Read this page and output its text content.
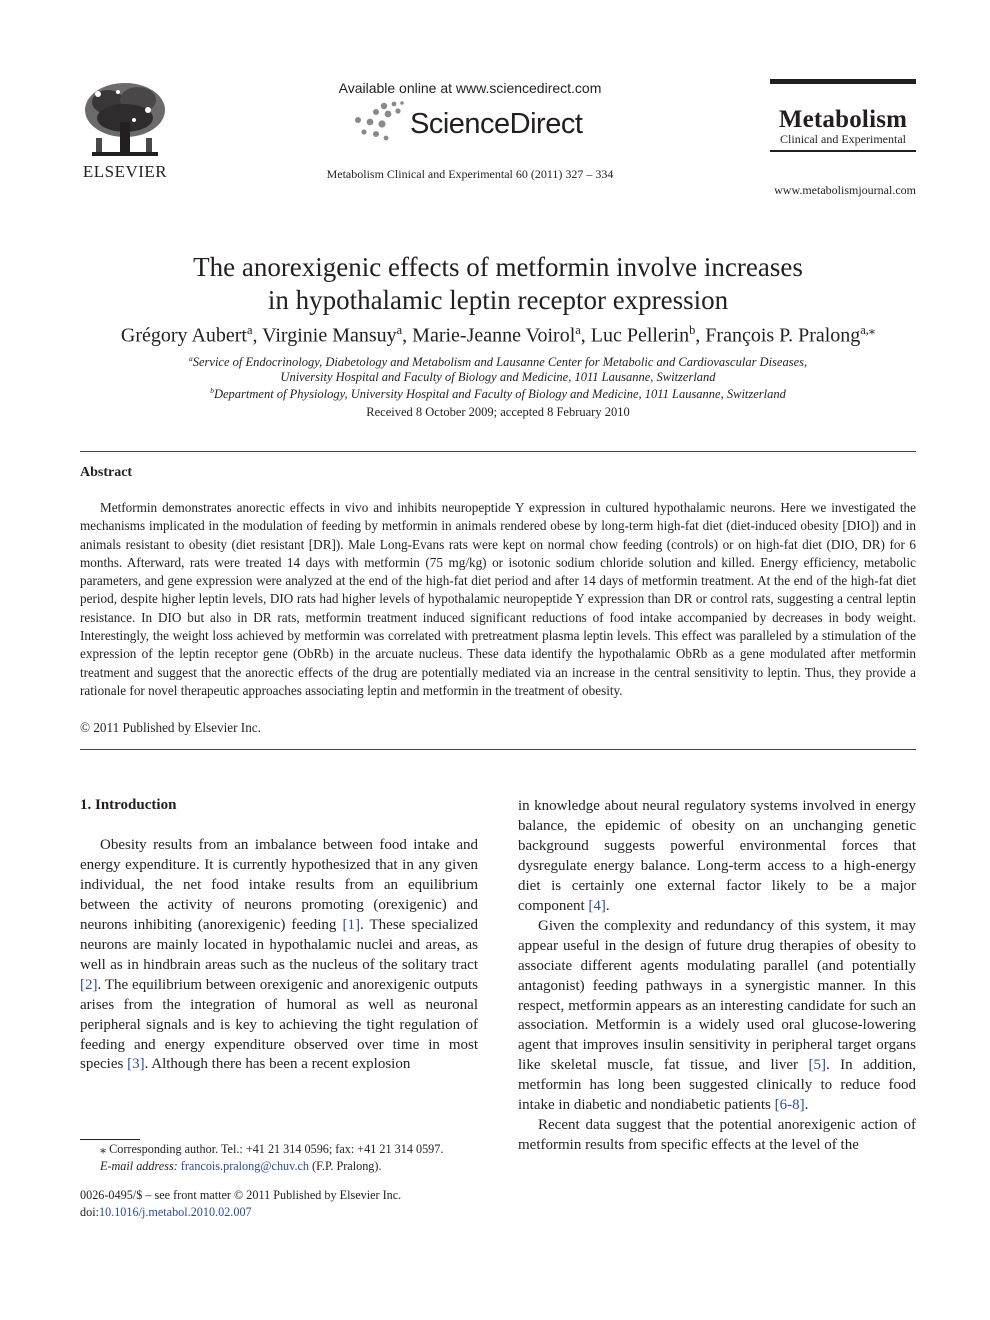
ELSEVIER
Available online at www.sciencedirect.com
ScienceDirect
Metabolism Clinical and Experimental 60 (2011) 327 – 334
Metabolism
Clinical and Experimental
www.metabolismjournal.com
The anorexigenic effects of metformin involve increases
in hypothalamic leptin receptor expression
Grégory Aubert$^a$, Virginie Mansuy$^a$, Marie-Jeanne Voirol$^a$, Luc Pellerin$^b$, François P. Pralong$^{a,⁎}$
$^a$Service of Endocrinology, Diabetology and Metabolism and Lausanne Center for Metabolic and Cardiovascular Diseases,
University Hospital and Faculty of Biology and Medicine, 1011 Lausanne, Switzerland
$^b$Department of Physiology, University Hospital and Faculty of Biology and Medicine, 1011 Lausanne, Switzerland
Received 8 October 2009; accepted 8 February 2010
Abstract
Metformin demonstrates anorectic effects in vivo and inhibits neuropeptide Y expression in cultured hypothalamic neurons. Here we investigated the mechanisms implicated in the modulation of feeding by metformin in animals rendered obese by long-term high-fat diet (diet-induced obesity [DIO]) and in animals resistant to obesity (diet resistant [DR]). Male Long-Evans rats were kept on normal chow feeding (controls) or on high-fat diet (DIO, DR) for 6 months. Afterward, rats were treated 14 days with metformin (75 mg/kg) or isotonic sodium chloride solution and killed. Energy efficiency, metabolic parameters, and gene expression were analyzed at the end of the high-fat diet period and after 14 days of metformin treatment. At the end of the high-fat diet period, despite higher leptin levels, DIO rats had higher levels of hypothalamic neuropeptide Y expression than DR or control rats, suggesting a central leptin resistance. In DIO but also in DR rats, metformin treatment induced significant reductions of food intake accompanied by decreases in body weight. Interestingly, the weight loss achieved by metformin was correlated with pretreatment plasma leptin levels. This effect was paralleled by a stimulation of the expression of the leptin receptor gene (ObRb) in the arcuate nucleus. These data identify the hypothalamic ObRb as a gene modulated after metformin treatment and suggest that the anorectic effects of the drug are potentially mediated via an increase in the central sensitivity to leptin. Thus, they provide a rationale for novel therapeutic approaches associating leptin and metformin in the treatment of obesity.
© 2011 Published by Elsevier Inc.
1. Introduction

Obesity results from an imbalance between food intake and energy expenditure. It is currently hypothesized that in any given individual, the net food intake results from an equilibrium between the activity of neurons promoting (orexigenic) and neurons inhibiting (anorexigenic) feeding [1]. These specialized neurons are mainly located in hypothalamic nuclei and areas, as well as in hindbrain areas such as the nucleus of the solitary tract [2]. The equilibrium between orexigenic and anorexigenic outputs arises from the integration of humoral as well as neuronal peripheral signals and is key to achieving the tight regulation of feeding and energy expenditure observed over time in most species [3]. Although there has been a recent explosion

in knowledge about neural regulatory systems involved in energy balance, the epidemic of obesity on an unchanging genetic background suggests powerful environmental forces that dysregulate energy balance. Long-term access to a high-energy diet is certainly one external factor likely to be a major component [4].

Given the complexity and redundancy of this system, it may appear useful in the design of future drug therapies of obesity to associate different agents modulating parallel (and potentially antagonist) feeding pathways in a synergistic manner. In this respect, metformin appears as an interesting candidate for such an association. Metformin is a widely used oral glucose-lowering agent that improves insulin sensitivity in peripheral target organs like skeletal muscle, fat tissue, and liver [5]. In addition, metformin has long been suggested clinically to reduce food intake in diabetic and nondiabetic patients [6-8].

Recent data suggest that the potential anorexigenic action of metformin results from specific effects at the level of the

⁎ Corresponding author. Tel.: +41 21 314 0596; fax: +41 21 314 0597.
E-mail address: francois.pralong@chuv.ch (F.P. Pralong).
0026-0495/$ – see front matter © 2011 Published by Elsevier Inc.
doi:10.1016/j.metabol.2010.02.007
